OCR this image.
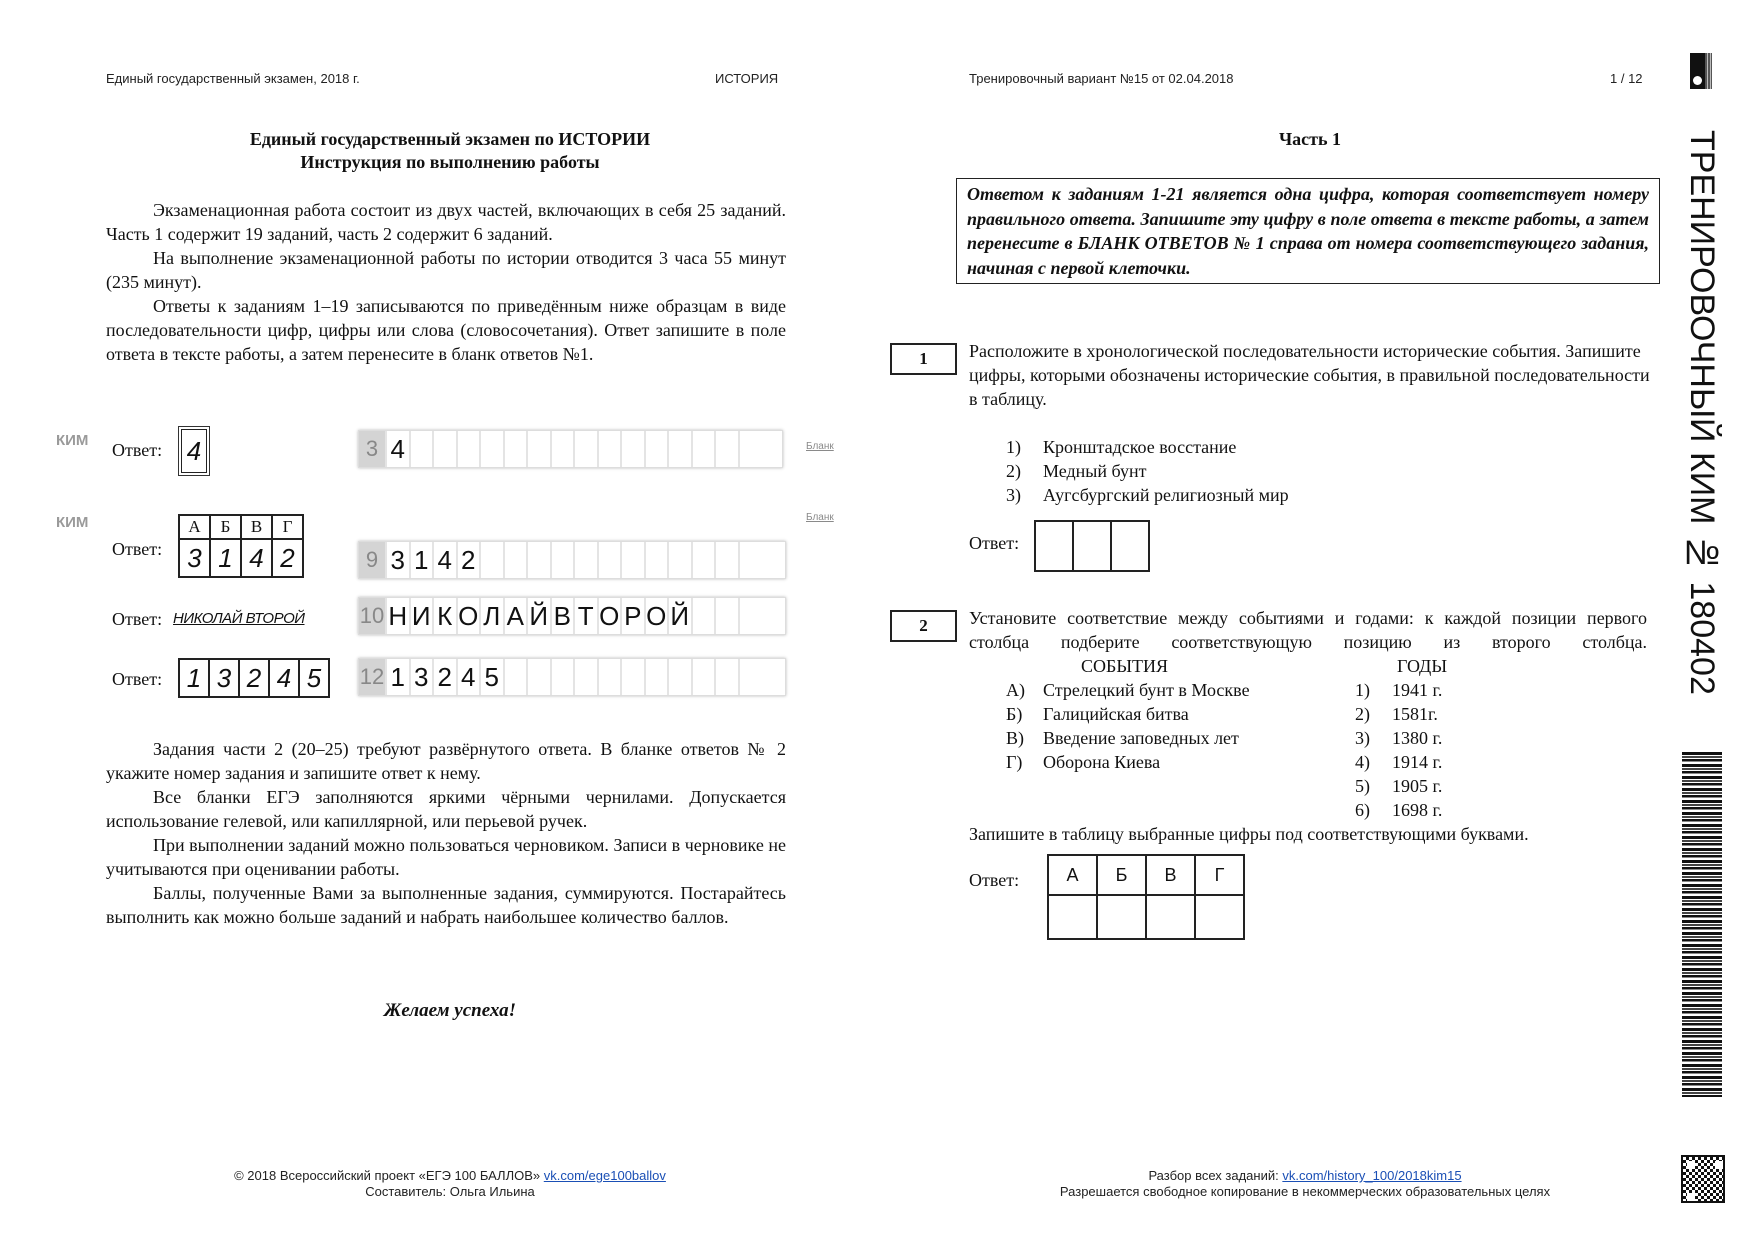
Единый государственный экзамен, 2018 г.	ИСТОРИЯ	Тренировочный вариант №15 от 02.04.2018	1 / 12
Единый государственный экзамен по ИСТОРИИ
Инструкция по выполнению работы
Экзаменационная работа состоит из двух частей, включающих в себя 25 заданий. Часть 1 содержит 19 заданий, часть 2 содержит 6 заданий.
На выполнение экзаменационной работы по истории отводится 3 часа 55 минут (235 минут).
Ответы к заданиям 1–19 записываются по приведённым ниже образцам в виде последовательности цифр, цифры или слова (словосочетания). Ответ запишите в поле ответа в тексте работы, а затем перенесите в бланк ответов №1.
КИМ	Бланк
Ответ: 4	3 4
КИМ	Бланк
Ответ:
А	Б	В	Г
3	1	4	2	9 3 1 4 2
Ответ: НИКОЛАЙ ВТОРОЙ	10 Н И К О Л А Й В Т О Р О Й
Ответ: 1	3	2	4	5 12 1 3 2 4 5
Задания части 2 (20–25) требуют развёрнутого ответа. В бланке ответов № 2 укажите номер задания и запишите ответ к нему.
Все бланки ЕГЭ заполняются яркими чёрными чернилами. Допускается использование гелевой, или капиллярной, или перьевой ручек.
При выполнении заданий можно пользоваться черновиком. Записи в черновике не учитываются при оценивании работы.
Баллы, полученные Вами за выполненные задания, суммируются. Постарайтесь выполнить как можно больше заданий и набрать наибольшее количество баллов.
Желаем успеха!
Часть 1
Ответом к заданиям 1-21 является одна цифра, которая соответствует номеру правильного ответа. Запишите эту цифру в поле ответа в тексте работы, а затем перенесите в БЛАНК ОТВЕТОВ № 1 справа от номера соответствующего задания, начиная с первой клеточки.
1	Расположите в хронологической последовательности исторические события. Запишите цифры, которыми обозначены исторические события, в правильной последовательности в таблицу.
1)	Кронштадское восстание
2)	Медный бунт
3)	Аугсбургский религиозный мир
Ответ:

2	Установите соответствие между событиями и годами: к каждой позиции первого столбца подберите соответствующую позицию из второго столбца.
СОБЫТИЯ	ГОДЫ
А)	Стрелецкий бунт в Москве
Б)	Галицийская битва
В)	Введение заповедных лет
Г)	Оборона Киева
1)	1941 г.
2)	1581г.
3)	1380 г.
4)	1914 г.
5)	1905 г.
6)	1698 г.
Запишите в таблицу выбранные цифры под соответствующими буквами.
Ответ:	А	Б	В	Г

ТРЕНИРОВОЧНЫЙ КИМ № 180402
© 2018 Всероссийский проект «ЕГЭ 100 БАЛЛОВ» vk.com/ege100ballov
Составитель: Ольга Ильина
Разбор всех заданий: vk.com/history_100/2018kim15
Разрешается свободное копирование в некоммерческих образовательных целях
